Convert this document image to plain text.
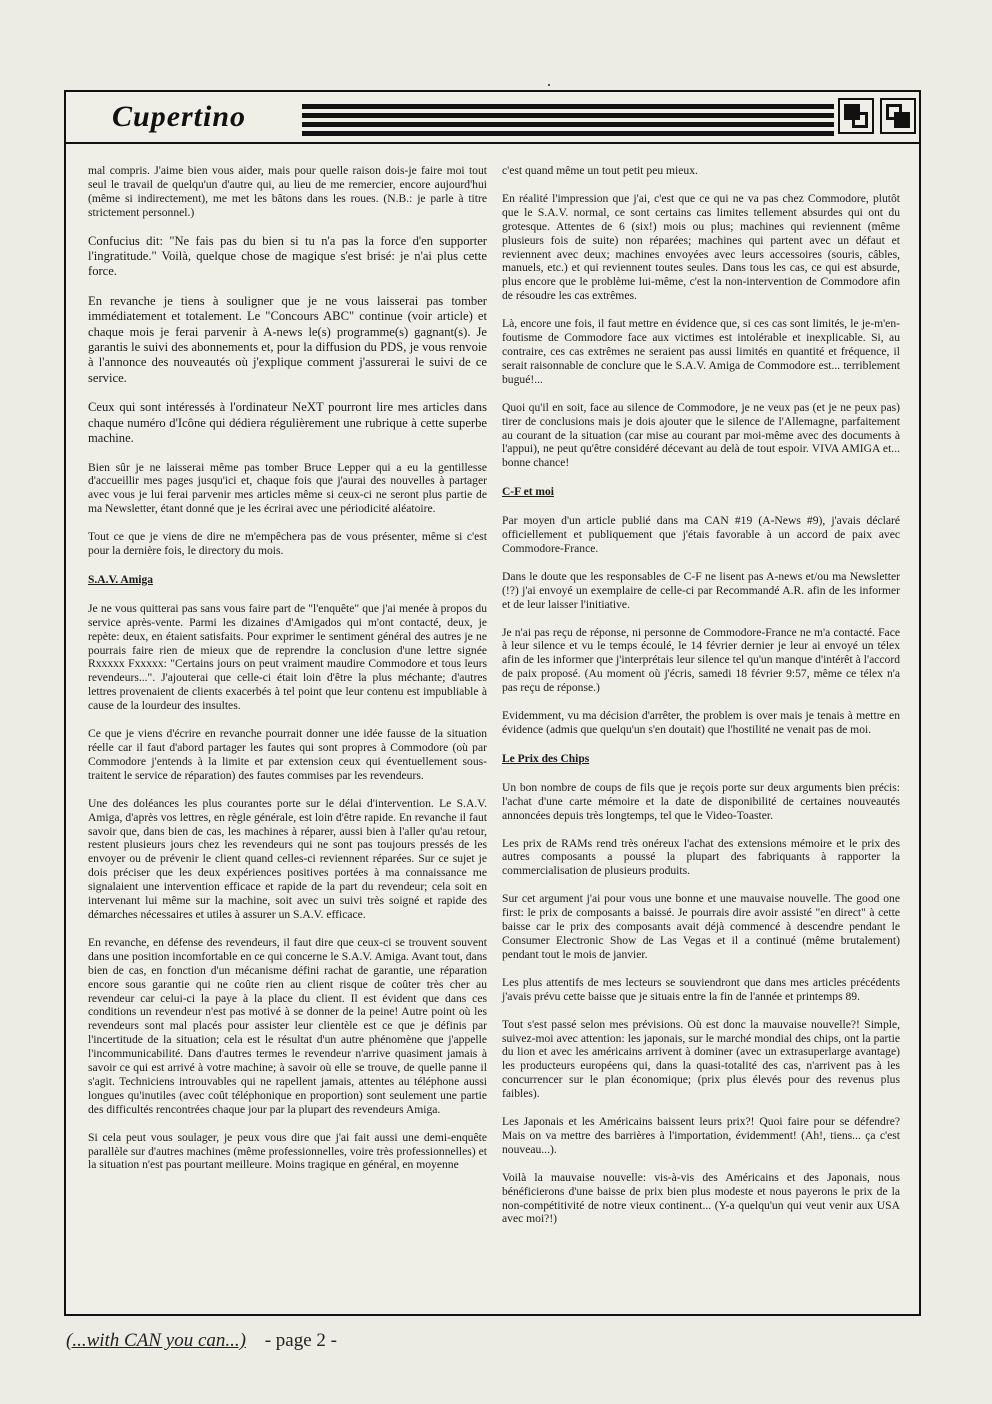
Cupertino

mal compris. J'aime bien vous aider, mais pour quelle raison dois-je faire moi tout seul le travail de quelqu'un d'autre qui, au lieu de me remercier, encore aujourd'hui (même si indirectement), me met les bâtons dans les roues. (N.B.: je parle à titre strictement personnel.)

Confucius dit: "Ne fais pas du bien si tu n'a pas la force d'en supporter l'ingratitude." Voilà, quelque chose de magique s'est brisé: je n'ai plus cette force.

En revanche je tiens à souligner que je ne vous laisserai pas tomber immédiatement et totalement. Le "Concours ABC" continue (voir article) et chaque mois je ferai parvenir à A-news le(s) programme(s) gagnant(s). Je garantis le suivi des abonnements et, pour la diffusion du PDS, je vous renvoie à l'annonce des nouveautés où j'explique comment j'assurerai le suivi de ce service.

Ceux qui sont intéressés à l'ordinateur NeXT pourront lire mes articles dans chaque numéro d'Icône qui dédiera régulièrement une rubrique à cette superbe machine.

Bien sûr je ne laisserai même pas tomber Bruce Lepper qui a eu la gentillesse d'accueillir mes pages jusqu'ici et, chaque fois que j'aurai des nouvelles à partager avec vous je lui ferai parvenir mes articles même si ceux-ci ne seront plus partie de ma Newsletter, étant donné que je les écrirai avec une périodicité aléatoire.

Tout ce que je viens de dire ne m'empêchera pas de vous présenter, même si c'est pour la dernière fois, le directory du mois.

S.A.V. Amiga

Je ne vous quitterai pas sans vous faire part de "l'enquête" que j'ai menée à propos du service après-vente. Parmi les dizaines d'Amigados qui m'ont contacté, deux, je repète: deux, en étaient satisfaits. Pour exprimer le sentiment général des autres je ne pourrais faire rien de mieux que de reprendre la conclusion d'une lettre signée Rxxxxx Fxxxxx: "Certains jours on peut vraiment maudire Commodore et tous leurs revendeurs...". J'ajouterai que celle-ci était loin d'être la plus méchante; d'autres lettres provenaient de clients exacerbés à tel point que leur contenu est impubliable à cause de la lourdeur des insultes.

Ce que je viens d'écrire en revanche pourrait donner une idée fausse de la situation réelle car il faut d'abord partager les fautes qui sont propres à Commodore (où par Commodore j'entends à la limite et par extension ceux qui éventuellement sous-traitent le service de réparation) des fautes commises par les revendeurs.

Une des doléances les plus courantes porte sur le délai d'intervention. Le S.A.V. Amiga, d'après vos lettres, en règle générale, est loin d'être rapide. En revanche il faut savoir que, dans bien de cas, les machines à réparer, aussi bien à l'aller qu'au retour, restent plusieurs jours chez les revendeurs qui ne sont pas toujours pressés de les envoyer ou de prévenir le client quand celles-ci reviennent réparées. Sur ce sujet je dois préciser que les deux expériences positives portées à ma connaissance me signalaient une intervention efficace et rapide de la part du revendeur; cela soit en intervenant lui même sur la machine, soit avec un suivi très soigné et rapide des démarches nécessaires et utiles à assurer un S.A.V. efficace.

En revanche, en défense des revendeurs, il faut dire que ceux-ci se trouvent souvent dans une position incomfortable en ce qui concerne le S.A.V. Amiga. Avant tout, dans bien de cas, en fonction d'un mécanisme défini rachat de garantie, une réparation encore sous garantie qui ne coûte rien au client risque de coûter très cher au revendeur car celui-ci la paye à la place du client. Il est évident que dans ces conditions un revendeur n'est pas motivé à se donner de la peine! Autre point où les revendeurs sont mal placés pour assister leur clientèle est ce que je définis par l'incertitude de la situation; cela est le résultat d'un autre phénomène que j'appelle l'incommunicabilité. Dans d'autres termes le revendeur n'arrive quasiment jamais à savoir ce qui est arrivé à votre machine; à savoir où elle se trouve, de quelle panne il s'agit. Techniciens introuvables qui ne rapellent jamais, attentes au téléphone aussi longues qu'inutiles (avec coût téléphonique en proportion) sont seulement une partie des difficultés rencontrées chaque jour par la plupart des revendeurs Amiga.

Si cela peut vous soulager, je peux vous dire que j'ai fait aussi une demi-enquête parallèle sur d'autres machines (même professionnelles, voire très professionnelles) et la situation n'est pas pourtant meilleure. Moins tragique en général, en moyenne

c'est quand même un tout petit peu mieux.

En réalité l'impression que j'ai, c'est que ce qui ne va pas chez Commodore, plutôt que le S.A.V. normal, ce sont certains cas limites tellement absurdes qui ont du grotesque. Attentes de 6 (six!) mois ou plus; machines qui reviennent (même plusieurs fois de suite) non réparées; machines qui partent avec un défaut et reviennent avec deux; machines envoyées avec leurs accessoires (souris, câbles, manuels, etc.) et qui reviennent toutes seules. Dans tous les cas, ce qui est absurde, plus encore que le problème lui-même, c'est la non-intervention de Commodore afin de résoudre les cas extrêmes.

Là, encore une fois, il faut mettre en évidence que, si ces cas sont limités, le je-m'en-foutisme de Commodore face aux victimes est intolérable et inexplicable. Si, au contraire, ces cas extrêmes ne seraient pas aussi limités en quantité et fréquence, il serait raisonnable de conclure que le S.A.V. Amiga de Commodore est... terriblement bugué!...

Quoi qu'il en soit, face au silence de Commodore, je ne veux pas (et je ne peux pas) tirer de conclusions mais je dois ajouter que le silence de l'Allemagne, parfaitement au courant de la situation (car mise au courant par moi-même avec des documents à l'appui), ne peut qu'être considéré décevant au delà de tout espoir. VIVA AMIGA et... bonne chance!

C-F et moi

Par moyen d'un article publié dans ma CAN #19 (A-News #9), j'avais déclaré officiellement et publiquement que j'étais favorable à un accord de paix avec Commodore-France.

Dans le doute que les responsables de C-F ne lisent pas A-news et/ou ma Newsletter (!?) j'ai envoyé un exemplaire de celle-ci par Recommandé A.R. afin de les informer et de leur laisser l'initiative.

Je n'ai pas reçu de réponse, ni personne de Commodore-France ne m'a contacté. Face à leur silence et vu le temps écoulé, le 14 février dernier je leur ai envoyé un télex afin de les informer que j'interprétais leur silence tel qu'un manque d'intérêt à l'accord de paix proposé. (Au moment où j'écris, samedi 18 février 9:57, même ce télex n'a pas reçu de réponse.)

Evidemment, vu ma décision d'arrêter, the problem is over mais je tenais à mettre en évidence (admis que quelqu'un s'en doutait) que l'hostilité ne venait pas de moi.

Le Prix des Chips

Un bon nombre de coups de fils que je reçois porte sur deux arguments bien précis: l'achat d'une carte mémoire et la date de disponibilité de certaines nouveautés annoncées depuis très longtemps, tel que le Video-Toaster.

Les prix de RAMs rend très onéreux l'achat des extensions mémoire et le prix des autres composants a poussé la plupart des fabriquants à rapporter la commercialisation de plusieurs produits.

Sur cet argument j'ai pour vous une bonne et une mauvaise nouvelle. The good one first: le prix de composants a baissé. Je pourrais dire avoir assisté "en direct" à cette baisse car le prix des composants avait déjà commencé à descendre pendant le Consumer Electronic Show de Las Vegas et il a continué (même brutalement) pendant tout le mois de janvier.

Les plus attentifs de mes lecteurs se souviendront que dans mes articles précédents j'avais prévu cette baisse que je situais entre la fin de l'année et printemps 89.

Tout s'est passé selon mes prévisions. Où est donc la mauvaise nouvelle?! Simple, suivez-moi avec attention: les japonais, sur le marché mondial des chips, ont la partie du lion et avec les américains arrivent à dominer (avec un extrasuperlarge avantage) les producteurs européens qui, dans la quasi-totalité des cas, n'arrivent pas à les concurrencer sur le plan économique; (prix plus élevés pour des revenus plus faibles).

Les Japonais et les Américains baissent leurs prix?! Quoi faire pour se défendre? Mais on va mettre des barrières à l'importation, évidemment! (Ah!, tiens... ça c'est nouveau...).

Voilà la mauvaise nouvelle: vis-à-vis des Américains et des Japonais, nous bénéficierons d'une baisse de prix bien plus modeste et nous payerons le prix de la non-compétitivité de notre vieux continent... (Y-a quelqu'un qui veut venir aux USA avec moi?!)

(...with CAN you can...) - page 2 -
